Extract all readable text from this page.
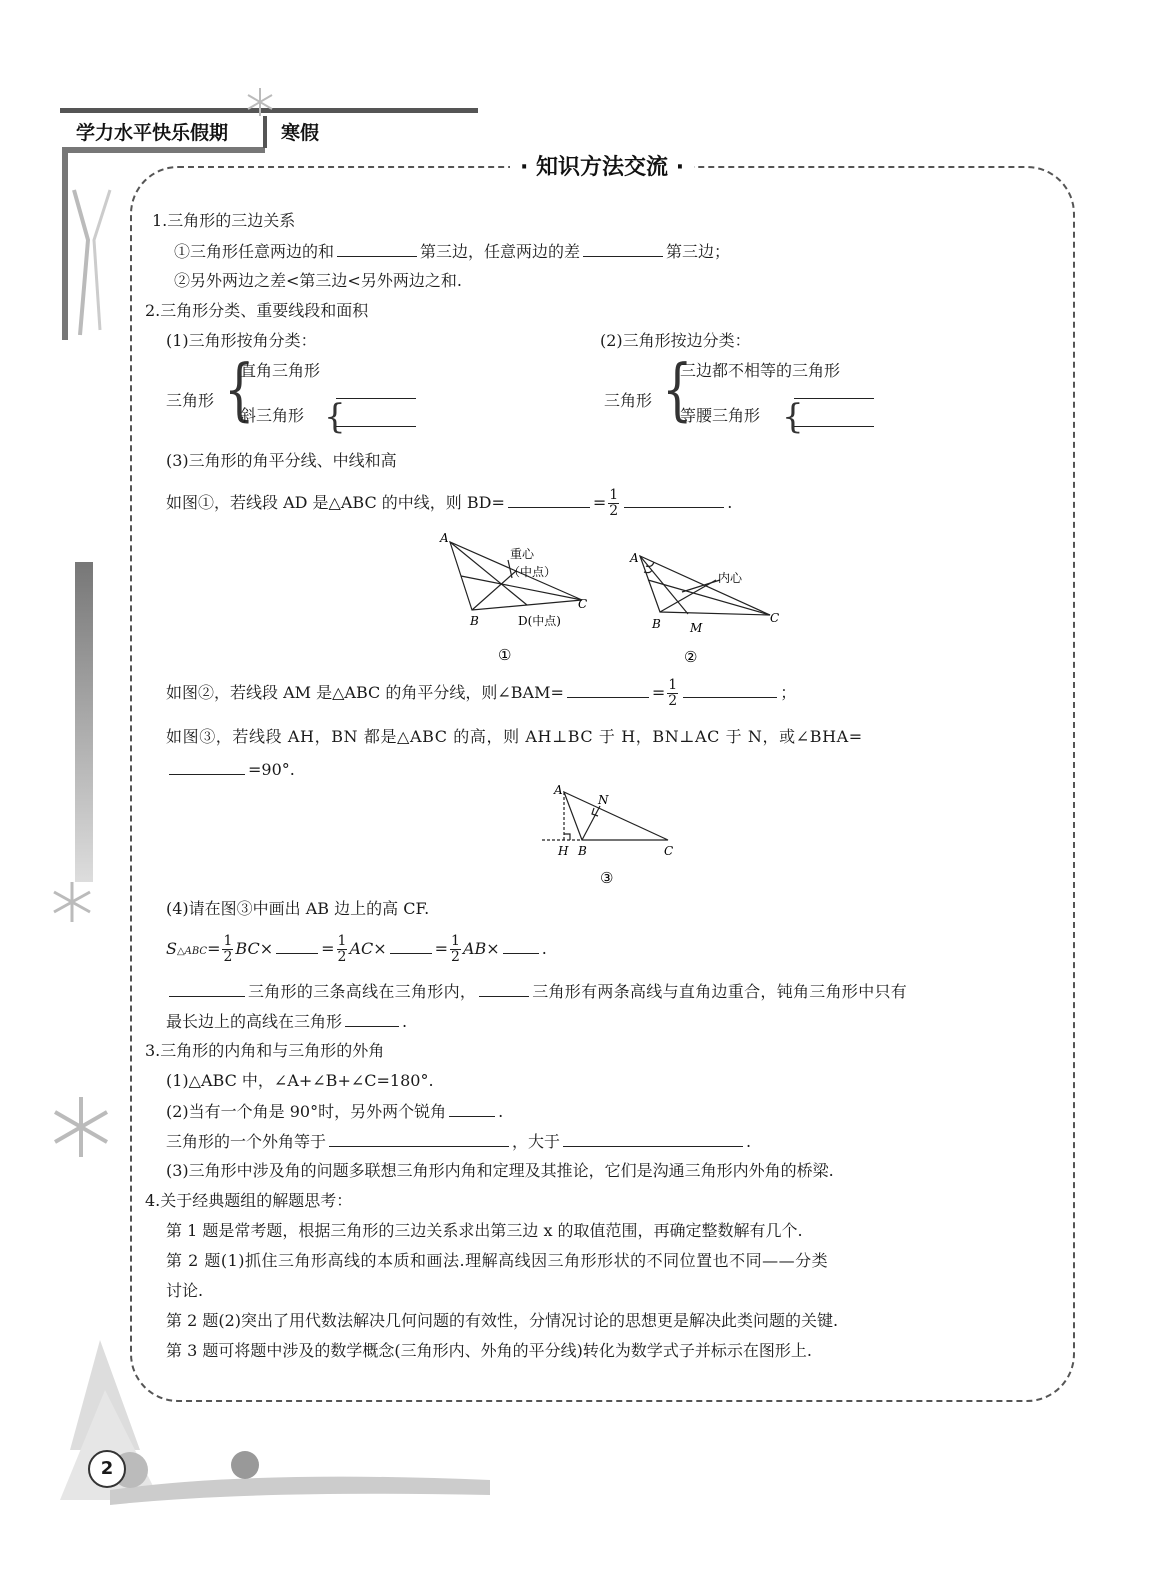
学力水平快乐假期	寒假
2
· 知识方法交流 ·
1.三角形的三边关系
①三角形任意两边的和	第三边，任意两边的差	第三边；
②另外两边之差<第三边<另外两边之和.
2.三角形分类、重要线段和面积
(1)三角形按角分类：	(2)三角形按边分类：
三角形 {
直角三角形
斜三角形 {	三角形 {
三边都不相等的三角形
等腰三角形 {
(3)三角形的角平分线、中线和高
如图①，若线段 AD 是△ABC 的中线，则 BD=	= $\frac{1}{2}$	.
A
B
C
D(中点)
重心
（中点）
①
A
B	C
M
内心
②
如图②，若线段 AM 是△ABC 的角平分线，则∠BAM=	= $\frac{1}{2}$	；
如图③，若线段 AH，BN 都是△ABC 的高，则 AH⊥BC 于 H，BN⊥AC 于 N，或∠BHA=
=90°.
A
N
H B	C
③
(4)请在图③中画出 AB 边上的高 CF.
S△ABC= $\frac{1}{2} BC\times$	= $\frac{1}{2} AC\times$	= $\frac{1}{2} AB\times$	.
三角形的三条高线在三角形内，	三角形有两条高线与直角边重合，钝角三角形中只有
最长边上的高线在三角形	.
3.三角形的内角和与三角形的外角
(1)△ABC 中，∠A+∠B+∠C=180°.
(2)当有一个角是 90°时，另外两个锐角	.
三角形的一个外角等于	，大于	.
(3)三角形中涉及角的问题多联想三角形内角和定理及其推论，它们是沟通三角形内外角的桥梁.
4.关于经典题组的解题思考：
第 1 题是常考题，根据三角形的三边关系求出第三边 x 的取值范围，再确定整数解有几个.
第 2 题(1)抓住三角形高线的本质和画法.理解高线因三角形形状的不同位置也不同——分类
讨论.
第 2 题(2)突出了用代数法解决几何问题的有效性，分情况讨论的思想更是解决此类问题的关键.
第 3 题可将题中涉及的数学概念(三角形内、外角的平分线)转化为数学式子并标示在图形上.
